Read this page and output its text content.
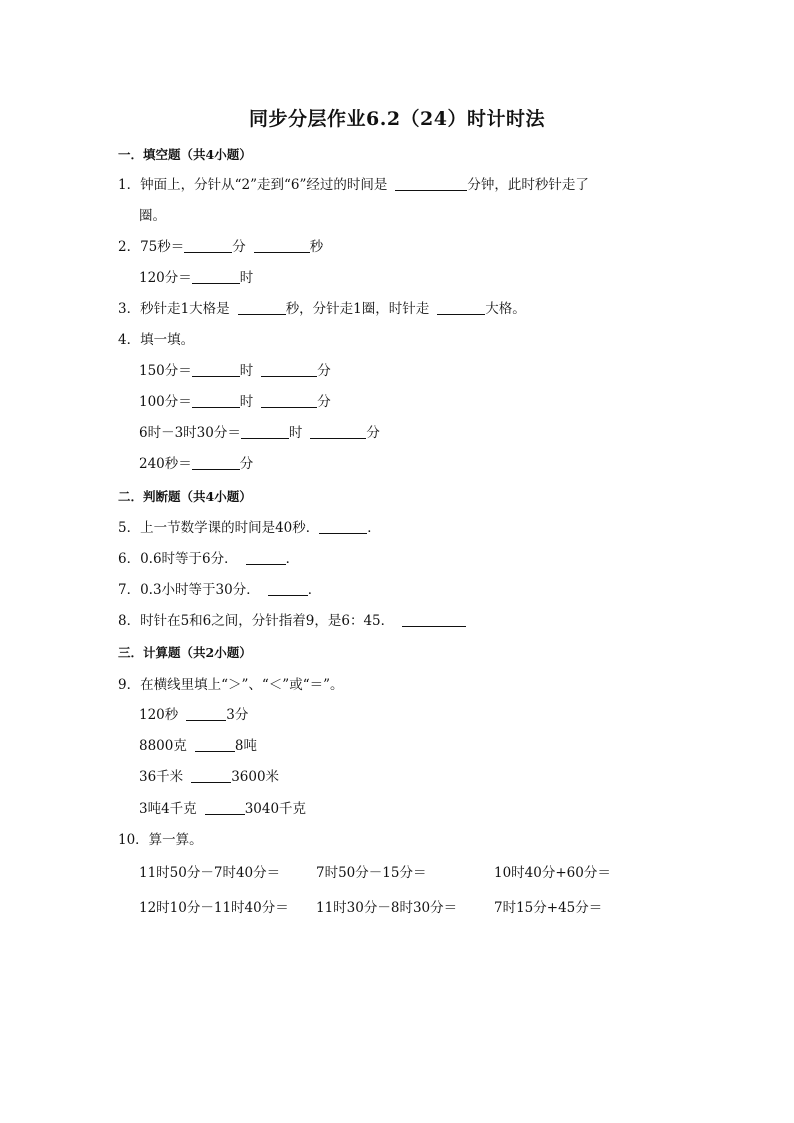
同步分层作业6.2（24）时计时法
一．填空题（共4小题）
1．钟面上，分针从“2”走到“6”经过的时间是	分钟，此时秒针走了
圈。
2．75秒＝	分	秒
120分＝	时
3．秒针走1大格是	秒，分针走1圈，时针走	大格。
4．填一填。
150分＝	时	分
100分＝	时	分
6时－3时30分＝	时	分
240秒＝	分
二．判断题（共4小题）
5．上一节数学课的时间是40秒．	．
6．0.6时等于6分．	．
7．0.3小时等于30分．	．
8．时针在5和6之间，分针指着9，是6：45．
三．计算题（共2小题）
9．在横线里填上“＞”、“＜”或“＝”。
120秒	3分
8800克	8吨
36千米	3600米
3吨4千克	3040千克
10．算一算。
11时50分－7时40分＝	7时50分－15分＝	10时40分+60分＝
12时10分－11时40分＝ 11时30分－8时30分＝	7时15分+45分＝
